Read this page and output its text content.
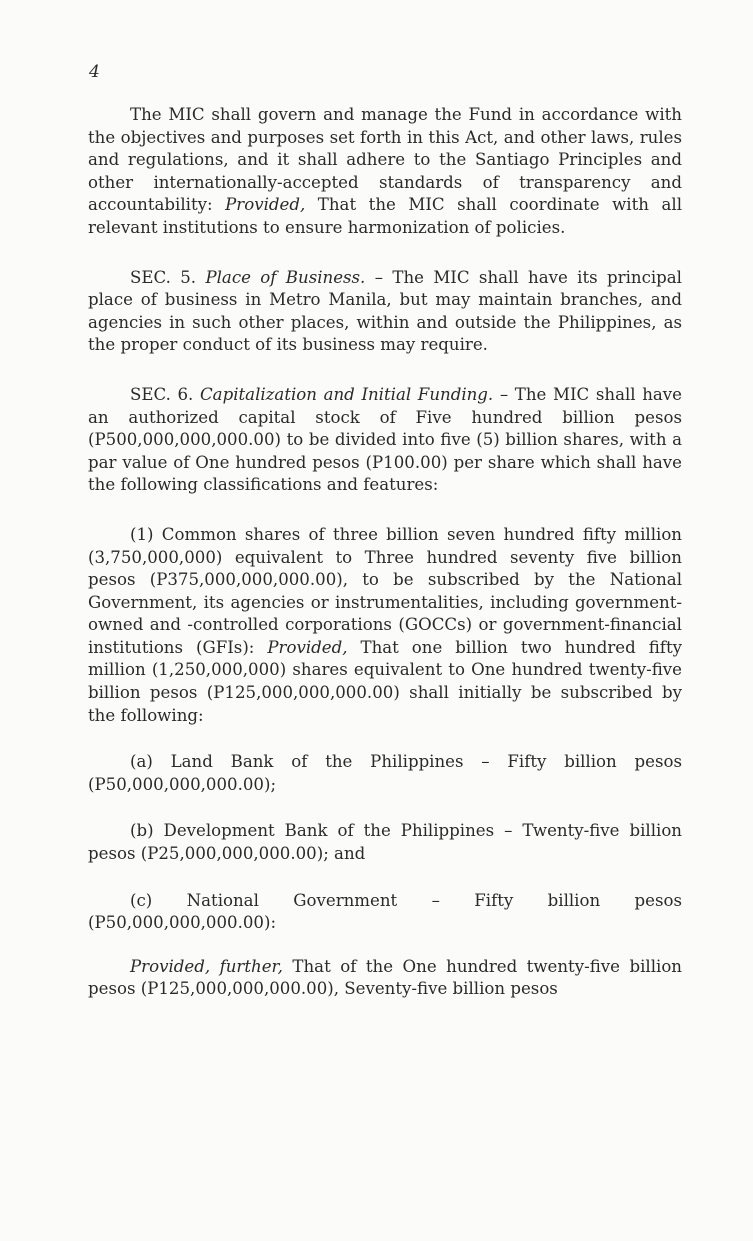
4

The MIC shall govern and manage the Fund in accordance with the objectives and purposes set forth in this Act, and other laws, rules and regulations, and it shall adhere to the Santiago Principles and other internationally-accepted standards of transparency and accountability: Provided, That the MIC shall coordinate with all relevant institutions to ensure harmonization of policies.

SEC. 5. Place of Business. – The MIC shall have its principal place of business in Metro Manila, but may maintain branches, and agencies in such other places, within and outside the Philippines, as the proper conduct of its business may require.

SEC. 6. Capitalization and Initial Funding. – The MIC shall have an authorized capital stock of Five hundred billion pesos (P500,000,000,000.00) to be divided into five (5) billion shares, with a par value of One hundred pesos (P100.00) per share which shall have the following classifications and features:

(1) Common shares of three billion seven hundred fifty million (3,750,000,000) equivalent to Three hundred seventy five billion pesos (P375,000,000,000.00), to be subscribed by the National Government, its agencies or instrumentalities, including government-owned and -controlled corporations (GOCCs) or government-financial institutions (GFIs): Provided, That one billion two hundred fifty million (1,250,000,000) shares equivalent to One hundred twenty-five billion pesos (P125,000,000,000.00) shall initially be subscribed by the following:

(a) Land Bank of the Philippines – Fifty billion pesos (P50,000,000,000.00);

(b) Development Bank of the Philippines – Twenty-five billion pesos (P25,000,000,000.00); and

(c) National Government – Fifty billion pesos (P50,000,000,000.00):

Provided, further, That of the One hundred twenty-five billion pesos (P125,000,000,000.00), Seventy-five billion pesos
